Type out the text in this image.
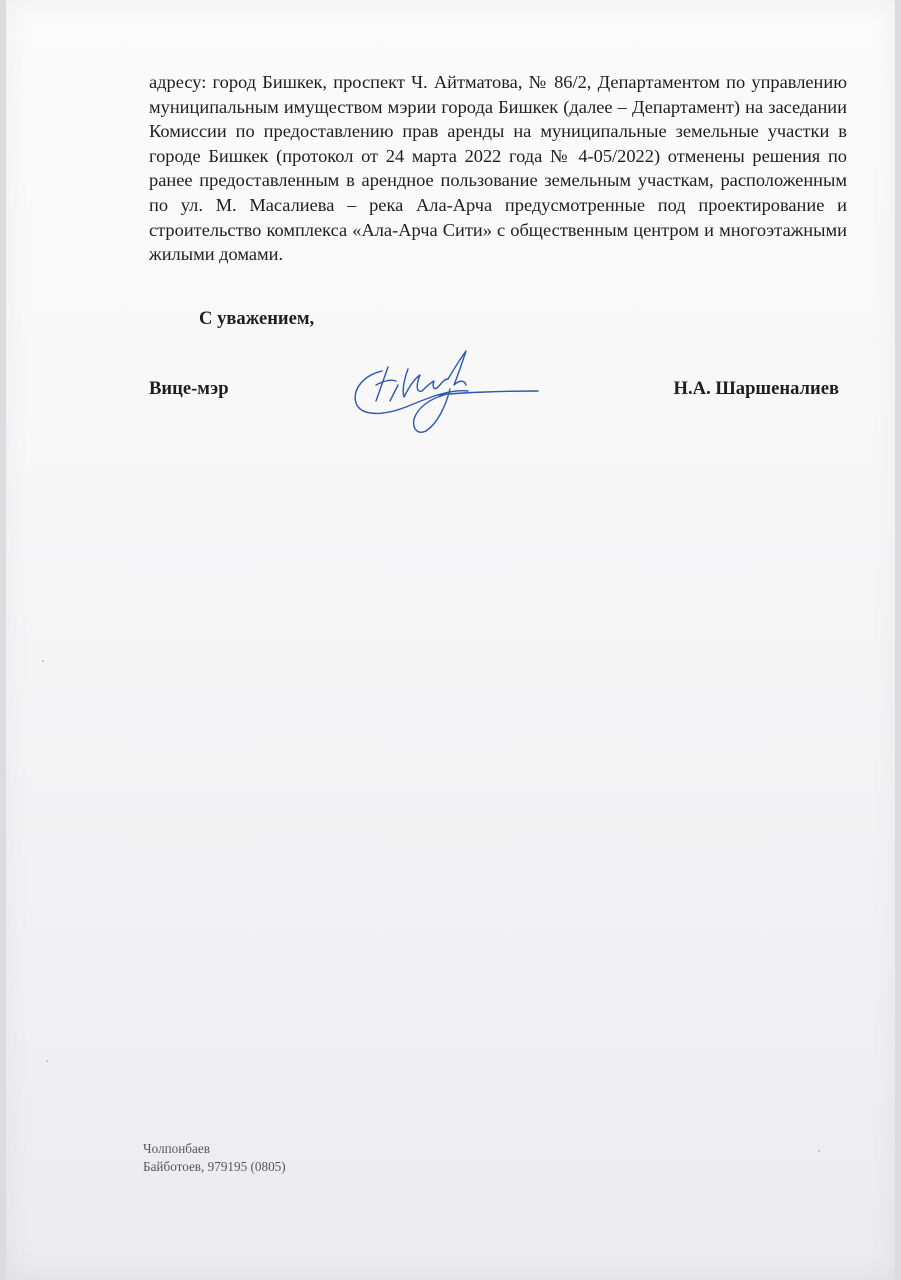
адресу: город Бишкек, проспект Ч. Айтматова, № 86/2, Департаментом по управлению муниципальным имуществом мэрии города Бишкек (далее – Департамент) на заседании Комиссии по предоставлению прав аренды на муниципальные земельные участки в городе Бишкек (протокол от 24 марта 2022 года № 4-05/2022) отменены решения по ранее предоставленным в арендное пользование земельным участкам, расположенным по ул. М. Масалиева – река Ала-Арча предусмотренные под проектирование и строительство комплекса «Ала-Арча Сити» с общественным центром и многоэтажными жилыми домами.

С уважением,
Вице-мэр	Н.А. Шаршеналиев
Чолпонбаев
Байботоев, 979195 (0805)
